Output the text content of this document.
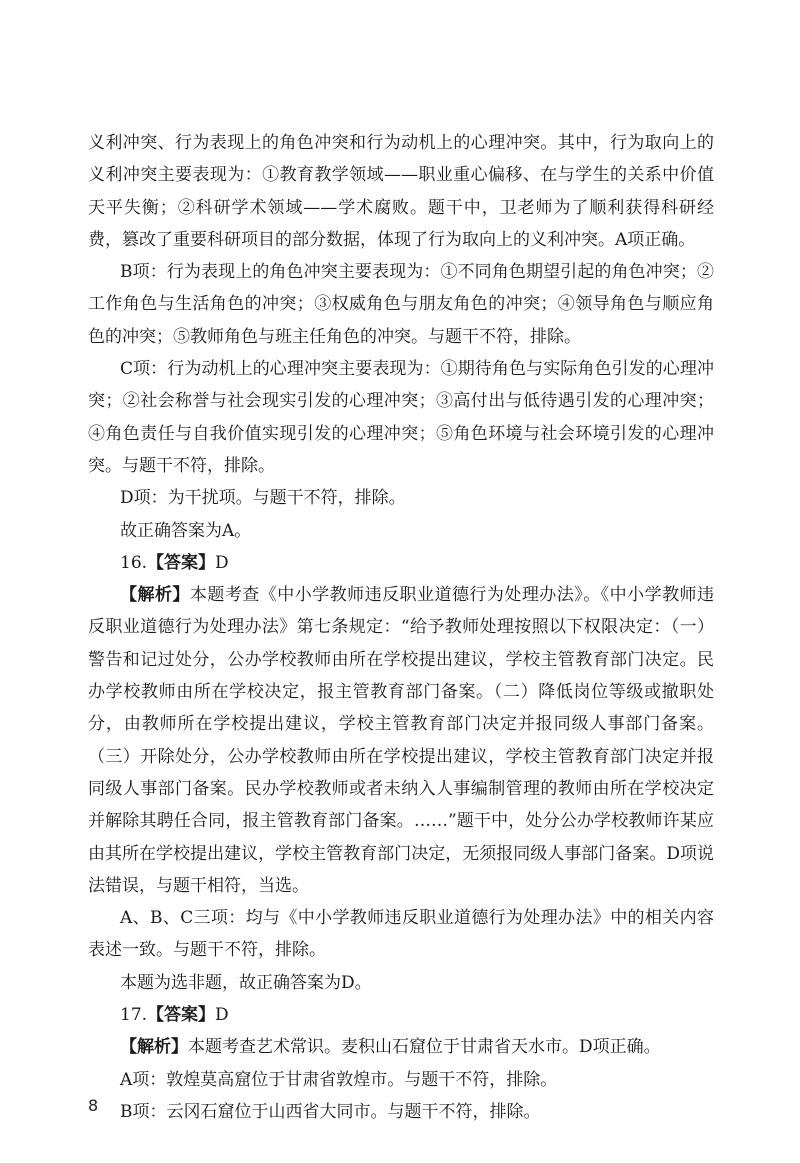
义利冲突、行为表现上的角色冲突和行为动机上的心理冲突。其中，行为取向上的义利冲突主要表现为：①教育教学领域——职业重心偏移、在与学生的关系中价值天平失衡；②科研学术领域——学术腐败。题干中，卫老师为了顺利获得科研经费，篡改了重要科研项目的部分数据，体现了行为取向上的义利冲突。A项正确。

B项：行为表现上的角色冲突主要表现为：①不同角色期望引起的角色冲突；②工作角色与生活角色的冲突；③权威角色与朋友角色的冲突；④领导角色与顺应角色的冲突；⑤教师角色与班主任角色的冲突。与题干不符，排除。

C项：行为动机上的心理冲突主要表现为：①期待角色与实际角色引发的心理冲突；②社会称誉与社会现实引发的心理冲突；③高付出与低待遇引发的心理冲突；④角色责任与自我价值实现引发的心理冲突；⑤角色环境与社会环境引发的心理冲突。与题干不符，排除。

D项：为干扰项。与题干不符，排除。

故正确答案为A。

16.【答案】D

【解析】本题考查《中小学教师违反职业道德行为处理办法》。《中小学教师违反职业道德行为处理办法》第七条规定：“给予教师处理按照以下权限决定：（一）警告和记过处分，公办学校教师由所在学校提出建议，学校主管教育部门决定。民办学校教师由所在学校决定，报主管教育部门备案。（二）降低岗位等级或撤职处分，由教师所在学校提出建议，学校主管教育部门决定并报同级人事部门备案。（三）开除处分，公办学校教师由所在学校提出建议，学校主管教育部门决定并报同级人事部门备案。民办学校教师或者未纳入人事编制管理的教师由所在学校决定并解除其聘任合同，报主管教育部门备案。……”题干中，处分公办学校教师许某应由其所在学校提出建议，学校主管教育部门决定，无须报同级人事部门备案。D项说法错误，与题干相符，当选。

A、B、C三项：均与《中小学教师违反职业道德行为处理办法》中的相关内容表述一致。与题干不符，排除。

本题为选非题，故正确答案为D。

17.【答案】D

【解析】本题考查艺术常识。麦积山石窟位于甘肃省天水市。D项正确。

A项：敦煌莫高窟位于甘肃省敦煌市。与题干不符，排除。

B项：云冈石窟位于山西省大同市。与题干不符，排除。

8
